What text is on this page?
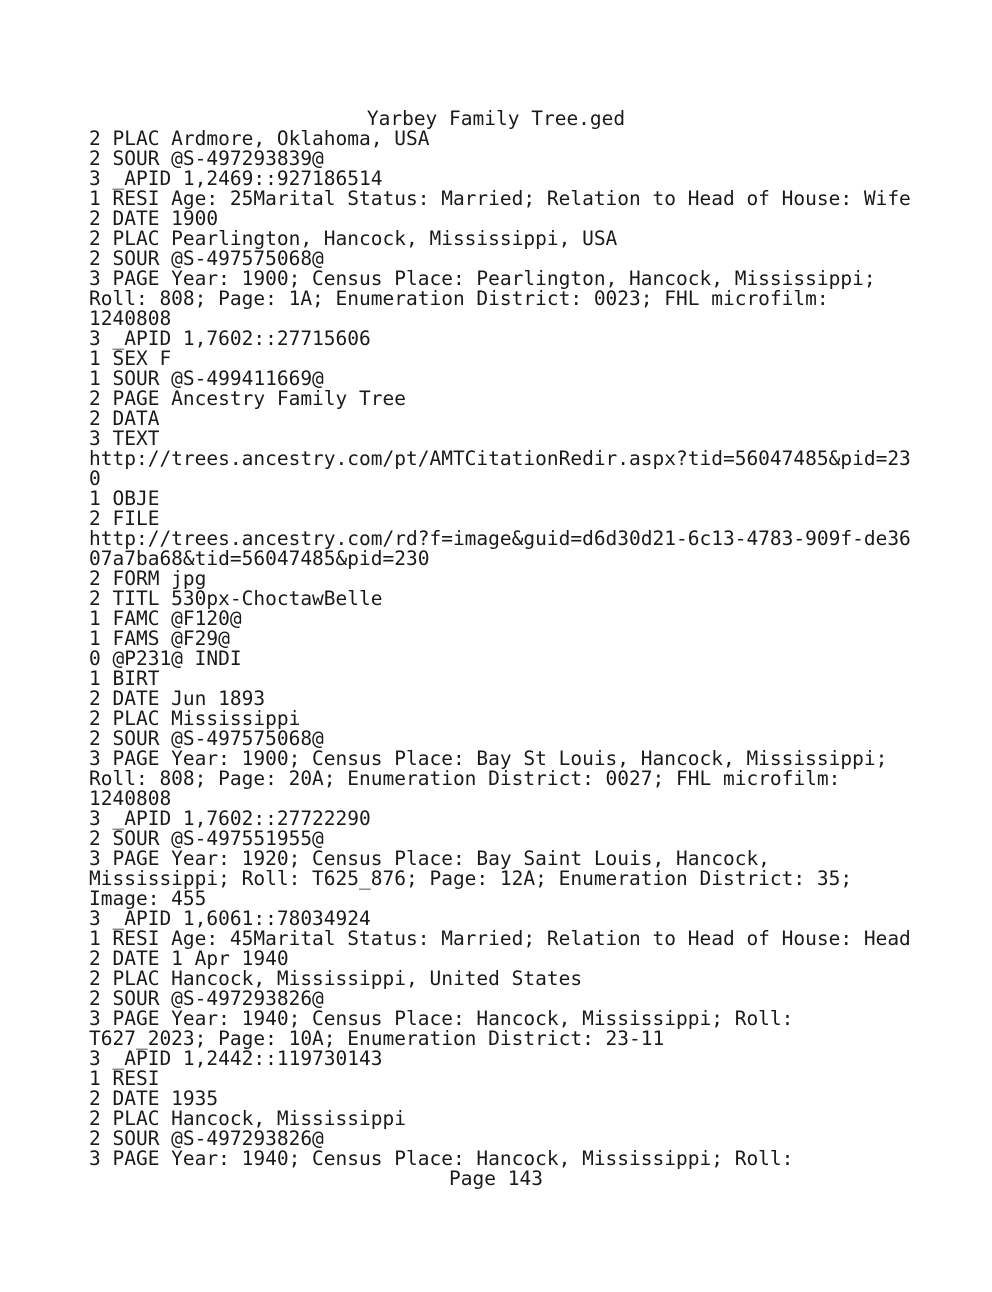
Yarbey Family Tree.ged
2 PLAC Ardmore, Oklahoma, USA
2 SOUR @S-497293839@
3 _APID 1,2469::927186514
1 RESI Age: 25Marital Status: Married; Relation to Head of House: Wife
2 DATE 1900
2 PLAC Pearlington, Hancock, Mississippi, USA
2 SOUR @S-497575068@
3 PAGE Year: 1900; Census Place: Pearlington, Hancock, Mississippi;
Roll: 808; Page: 1A; Enumeration District: 0023; FHL microfilm:
1240808
3 _APID 1,7602::27715606
1 SEX F
1 SOUR @S-499411669@
2 PAGE Ancestry Family Tree
2 DATA
3 TEXT
http://trees.ancestry.com/pt/AMTCitationRedir.aspx?tid=56047485&pid=23
0
1 OBJE
2 FILE
http://trees.ancestry.com/rd?f=image&guid=d6d30d21-6c13-4783-909f-de36
07a7ba68&tid=56047485&pid=230
2 FORM jpg
2 TITL 530px-ChoctawBelle
1 FAMC @F120@
1 FAMS @F29@
0 @P231@ INDI
1 BIRT
2 DATE Jun 1893
2 PLAC Mississippi
2 SOUR @S-497575068@
3 PAGE Year: 1900; Census Place: Bay St Louis, Hancock, Mississippi;
Roll: 808; Page: 20A; Enumeration District: 0027; FHL microfilm:
1240808
3 _APID 1,7602::27722290
2 SOUR @S-497551955@
3 PAGE Year: 1920; Census Place: Bay Saint Louis, Hancock,
Mississippi; Roll: T625_876; Page: 12A; Enumeration District: 35;
Image: 455
3 _APID 1,6061::78034924
1 RESI Age: 45Marital Status: Married; Relation to Head of House: Head
2 DATE 1 Apr 1940
2 PLAC Hancock, Mississippi, United States
2 SOUR @S-497293826@
3 PAGE Year: 1940; Census Place: Hancock, Mississippi; Roll:
T627_2023; Page: 10A; Enumeration District: 23-11
3 _APID 1,2442::119730143
1 RESI
2 DATE 1935
2 PLAC Hancock, Mississippi
2 SOUR @S-497293826@
3 PAGE Year: 1940; Census Place: Hancock, Mississippi; Roll:
Page 143
